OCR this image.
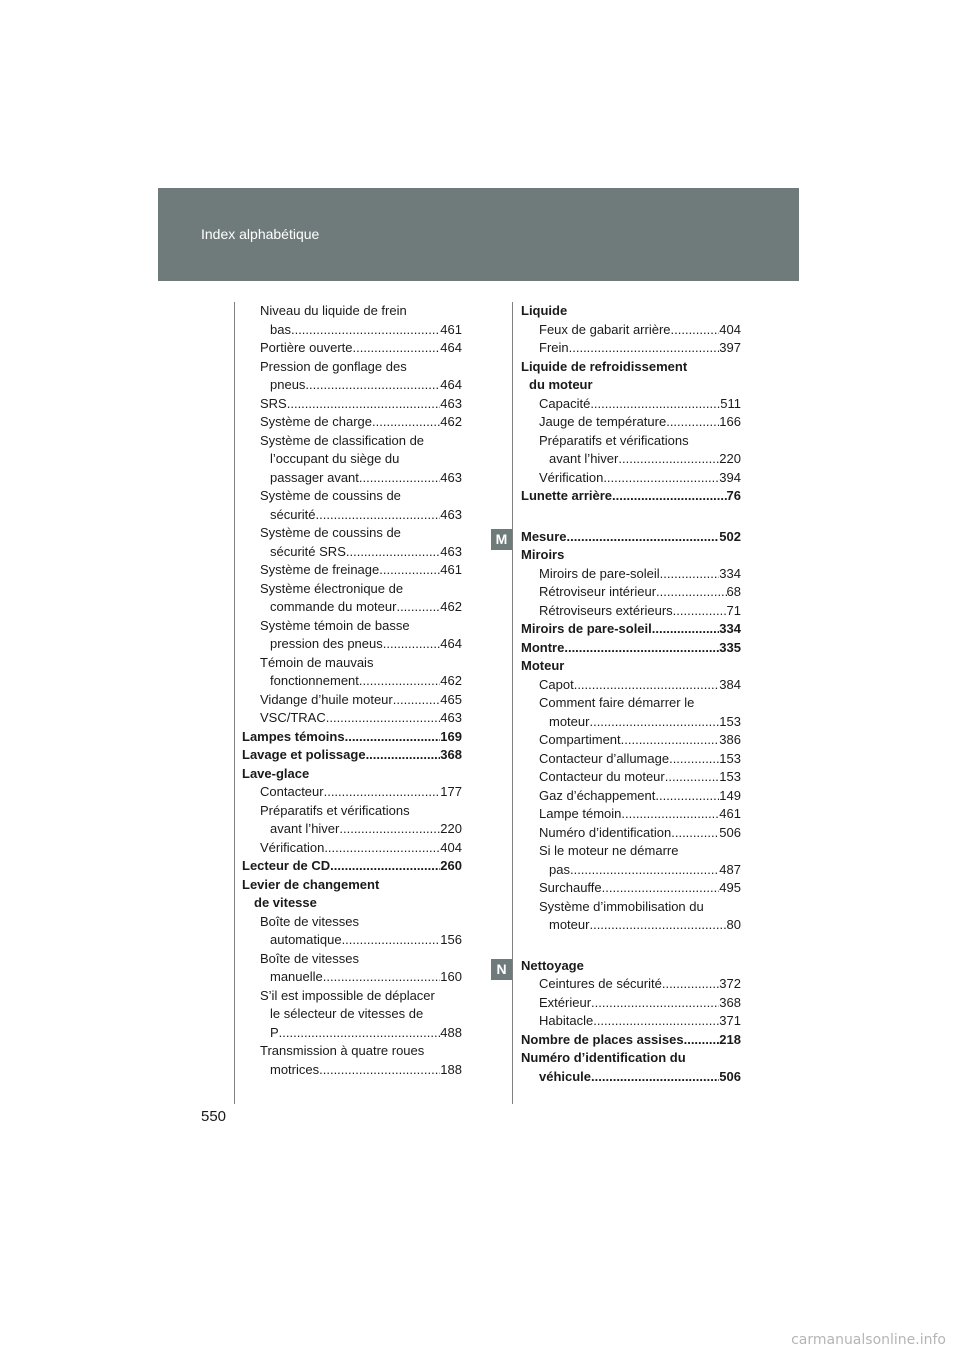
Index alphabétique
M
N
Niveau du liquide de frein
bas .....	461
Portière ouverte .....	464
Pression de gonflage des
pneus .....	464
SRS .....	463
Système de charge .....	462
Système de classification de
l’occupant du siège du
passager avant .....	463
Système de coussins de
sécurité .....	463
Système de coussins de
sécurité SRS .....	463
Système de freinage .....	461
Système électronique de
commande du moteur .....	462
Système témoin de basse
pression des pneus .....	464
Témoin de mauvais
fonctionnement .....	462
Vidange d’huile moteur .....	465
VSC/TRAC .....	463
Lampes témoins .....	169
Lavage et polissage .....	368
Lave-glace
Contacteur .....	177
Préparatifs et vérifications
avant l’hiver .....	220
Vérification .....	404
Lecteur de CD .....	260
Levier de changement
de vitesse
Boîte de vitesses
automatique .....	156
Boîte de vitesses
manuelle .....	160
S’il est impossible de déplacer
le sélecteur de vitesses de
P .....	488
Transmission à quatre roues
motrices .....	188
Liquide
Feux de gabarit arrière .....	404
Frein .....	397
Liquide de refroidissement
du moteur
Capacité .....	511
Jauge de température .....	166
Préparatifs et vérifications
avant l’hiver .....	220
Vérification .....	394
Lunette arrière .....	76
Mesure .....	502
Miroirs
Miroirs de pare-soleil .....	334
Rétroviseur intérieur .....	68
Rétroviseurs extérieurs .....	71
Miroirs de pare-soleil .....	334
Montre .....	335
Moteur
Capot .....	384
Comment faire démarrer le
moteur .....	153
Compartiment .....	386
Contacteur d’allumage .....	153
Contacteur du moteur .....	153
Gaz d’échappement .....	149
Lampe témoin .....	461
Numéro d’identification .....	506
Si le moteur ne démarre
pas .....	487
Surchauffe .....	495
Système d’immobilisation du
moteur .....	80
Nettoyage
Ceintures de sécurité .....	372
Extérieur .....	368
Habitacle .....	371
Nombre de places assises .....	218
Numéro d’identification du
véhicule .....	506
550
carmanualsonline.info
